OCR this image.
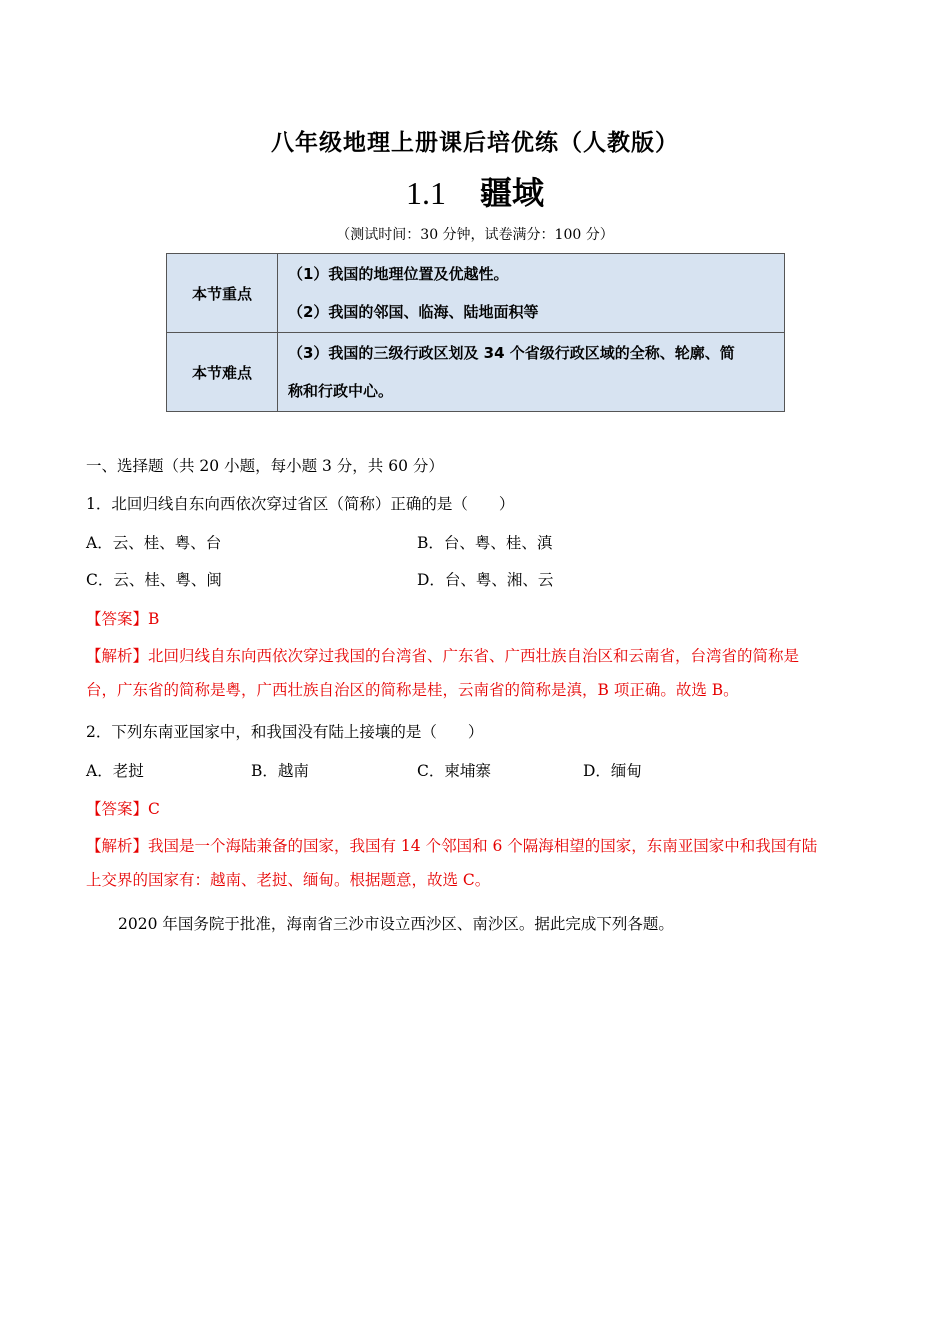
八年级地理上册课后培优练（人教版）
1.1 疆域
（测试时间：30 分钟，试卷满分：100 分）
本节重点	（1）我国的地理位置及优越性。
（2）我国的邻国、临海、陆地面积等

本节难点	（3）我国的三级行政区划及 34 个省级行政区域的全称、轮廓、简
称和行政中心。
一、选择题（共 20 小题，每小题 3 分，共 60 分）
1．北回归线自东向西依次穿过省区（简称）正确的是（　　）
A．云、桂、粤、台	B．台、粤、桂、滇
C．云、桂、粤、闽	D．台、粤、湘、云
【答案】B
【解析】北回归线自东向西依次穿过我国的台湾省、广东省、广西壮族自治区和云南省，台湾省的简称是
台，广东省的简称是粤，广西壮族自治区的简称是桂，云南省的简称是滇，B 项正确。故选 B。
2．下列东南亚国家中，和我国没有陆上接壤的是（　　）
A．老挝	B．越南	C．柬埔寨	D．缅甸
【答案】C
【解析】我国是一个海陆兼备的国家，我国有 14 个邻国和 6 个隔海相望的国家，东南亚国家中和我国有陆
上交界的国家有：越南、老挝、缅甸。根据题意，故选 C。
2020 年国务院于批准，海南省三沙市设立西沙区、南沙区。据此完成下列各题。
